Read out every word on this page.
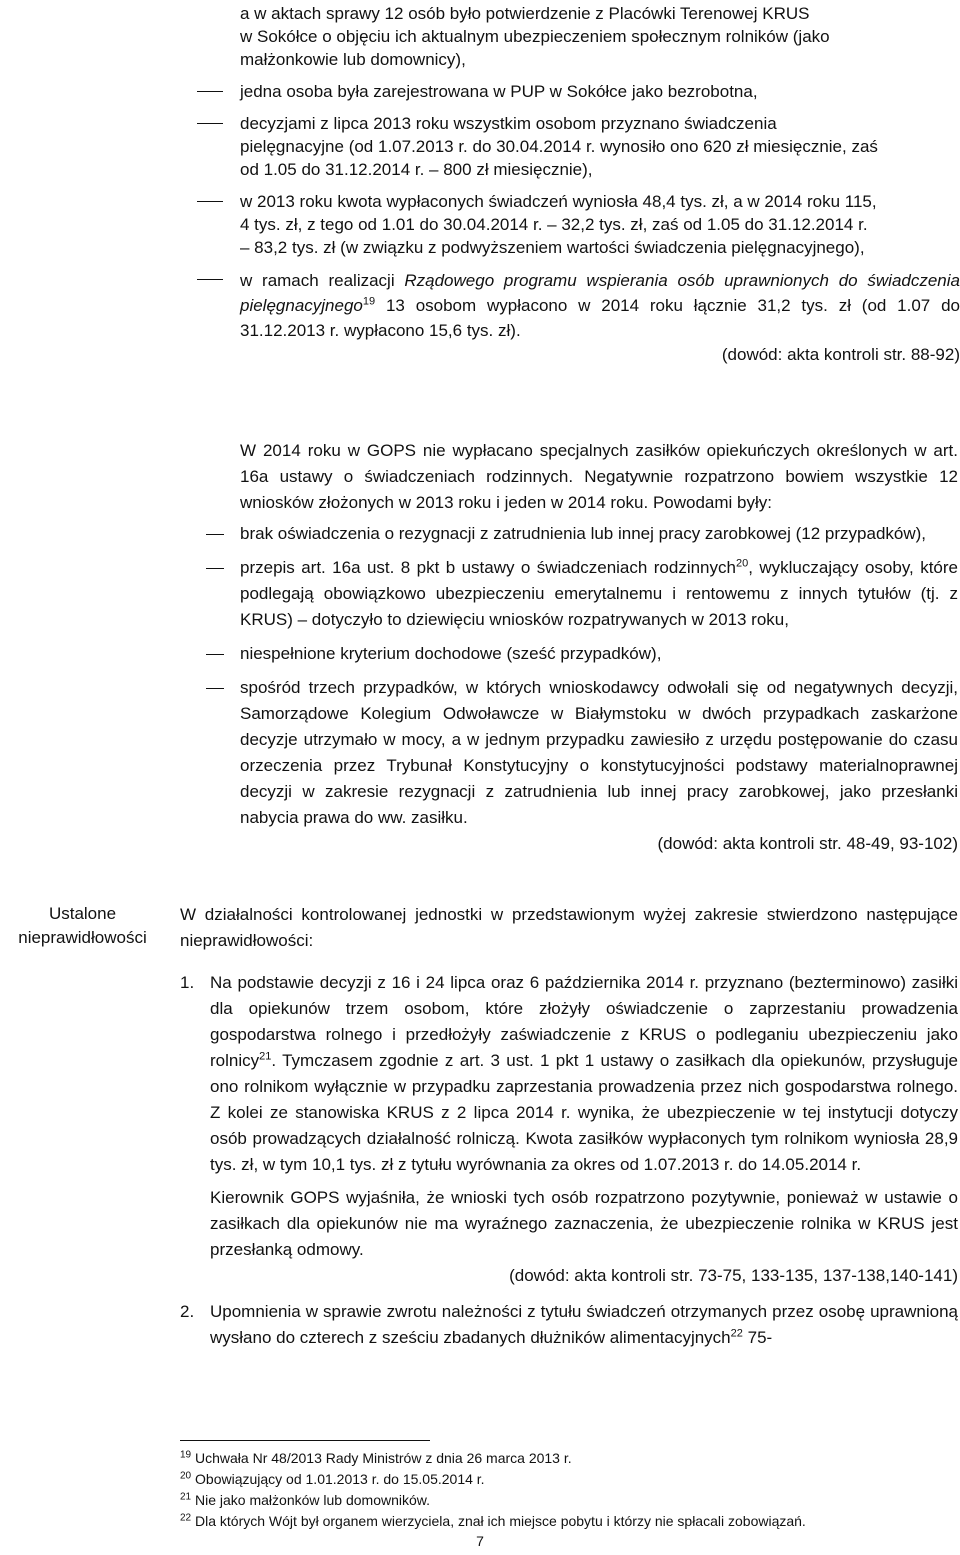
Ustalone
nieprawidłowości
a w aktach sprawy 12 osób było potwierdzenie z Placówki Terenowej KRUS
w Sokółce o objęciu ich aktualnym ubezpieczeniem społecznym rolników (jako
małżonkowie lub domownicy),
jedna osoba była zarejestrowana w PUP w Sokółce jako bezrobotna,
decyzjami z lipca 2013 roku wszystkim osobom przyznano świadczenia
pielęgnacyjne (od 1.07.2013 r. do 30.04.2014 r. wynosiło ono 620 zł miesięcznie, zaś
od 1.05 do 31.12.2014 r. – 800 zł miesięcznie),
w 2013 roku kwota wypłaconych świadczeń wyniosła 48,4 tys. zł, a w 2014 roku 115,
4 tys. zł, z tego od 1.01 do 30.04.2014 r. – 32,2 tys. zł, zaś od 1.05 do 31.12.2014 r.
– 83,2 tys. zł (w związku z podwyższeniem wartości świadczenia pielęgnacyjnego),
w ramach realizacji Rządowego programu wspierania osób uprawnionych do świadczenia pielęgnacyjnego$^{19}$ 13 osobom wypłacono w 2014 roku łącznie 31,2 tys. zł (od 1.07 do 31.12.2013 r. wypłacono 15,6 tys. zł).
(dowód: akta kontroli str. 88-92)

W 2014 roku w GOPS nie wypłacano specjalnych zasiłków opiekuńczych określonych w art. 16a ustawy o świadczeniach rodzinnych. Negatywnie rozpatrzono bowiem wszystkie 12 wniosków złożonych w 2013 roku i jeden w 2014 roku. Powodami były:

brak oświadczenia o rezygnacji z zatrudnienia lub innej pracy zarobkowej (12 przypadków),
przepis art. 16a ust. 8 pkt b ustawy o świadczeniach rodzinnych$^{20}$, wykluczający osoby, które podlegają obowiązkowo ubezpieczeniu emerytalnemu i rentowemu z innych tytułów (tj. z KRUS) – dotyczyło to dziewięciu wniosków rozpatrywanych w 2013 roku,
niespełnione kryterium dochodowe (sześć przypadków),
spośród trzech przypadków, w których wnioskodawcy odwołali się od negatywnych decyzji, Samorządowe Kolegium Odwoławcze w Białymstoku w dwóch przypadkach zaskarżone decyzje utrzymało w mocy, a w jednym przypadku zawiesiło z urzędu postępowanie do czasu orzeczenia przez Trybunał Konstytucyjny o konstytucyjności podstawy materialnoprawnej decyzji w zakresie rezygnacji z zatrudnienia lub innej pracy zarobkowej, jako przesłanki nabycia prawa do ww. zasiłku.
(dowód: akta kontroli str. 48-49, 93-102)

W działalności kontrolowanej jednostki w przedstawionym wyżej zakresie stwierdzono następujące nieprawidłowości:

1. Na podstawie decyzji z 16 i 24 lipca oraz 6 października 2014 r. przyznano (bezterminowo) zasiłki dla opiekunów trzem osobom, które złożyły oświadczenie o zaprzestaniu prowadzenia gospodarstwa rolnego i przedłożyły zaświadczenie z KRUS o podleganiu ubezpieczeniu jako rolnicy$^{21}$. Tymczasem zgodnie z art. 3 ust. 1 pkt 1 ustawy o zasiłkach dla opiekunów, przysługuje ono rolnikom wyłącznie w przypadku zaprzestania prowadzenia przez nich gospodarstwa rolnego. Z kolei ze stanowiska KRUS z 2 lipca 2014 r. wynika, że ubezpieczenie w tej instytucji dotyczy osób prowadzących działalność rolniczą. Kwota zasiłków wypłaconych tym rolnikom wyniosła 28,9 tys. zł, w tym 10,1 tys. zł z tytułu wyrównania za okres od 1.07.2013 r. do 14.05.2014 r.

Kierownik GOPS wyjaśniła, że wnioski tych osób rozpatrzono pozytywnie, ponieważ w ustawie o zasiłkach dla opiekunów nie ma wyraźnego zaznaczenia, że ubezpieczenie rolnika w KRUS jest przesłanką odmowy.

(dowód: akta kontroli str. 73-75, 133-135, 137-138,140-141)
2. Upomnienia w sprawie zwrotu należności z tytułu świadczeń otrzymanych przez osobę uprawnioną wysłano do czterech z sześciu zbadanych dłużników alimentacyjnych$^{22}$ 75-
$^{19}$ Uchwała Nr 48/2013 Rady Ministrów z dnia 26 marca 2013 r.
$^{20}$ Obowiązujący od 1.01.2013 r. do 15.05.2014 r.
$^{21}$ Nie jako małżonków lub domowników.
$^{22}$ Dla których Wójt był organem wierzyciela, znał ich miejsce pobytu i którzy nie spłacali zobowiązań.
7
